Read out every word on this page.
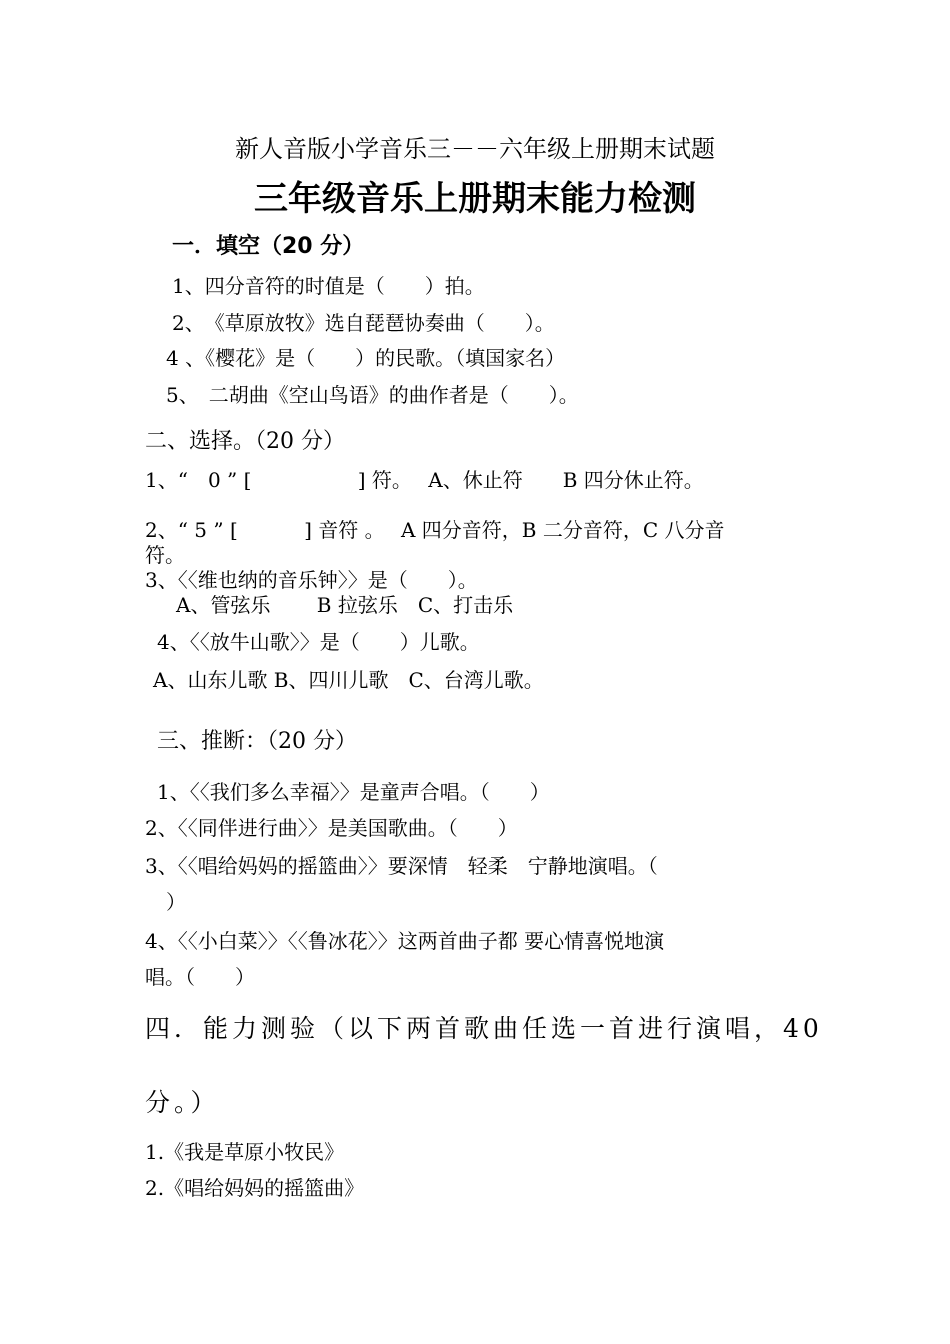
新人音版小学音乐三－－六年级上册期末试题
三年级音乐上册期末能力检测
一．填空（20 分）
1、四分音符的时值是（　　）拍。
2、　《草原放牧》选自琵琶协奏曲（　　）。
4 、《樱花》是（　　）的民歌。（填国家名）
5、　二胡曲《空山鸟语》的曲作者是（　　）。
二、选择。（20 分）
1、“　0 ” [　　　　　 ] 符。　 A、休止符　　B 四分休止符。
2、“ 5 ” [　　　 ] 音符 。　 A 四分音符，B 二分音符，C 八分音
符。
3、〈〈维也纳的音乐钟〉〉是（　　）。
A、管弦乐　　 B 拉弦乐　C、打击乐
4、〈〈放牛山歌〉〉是（　　）儿歌。
A、山东儿歌 B、四川儿歌　C、台湾儿歌。
三、推断：（20 分）
1、〈〈我们多么幸福〉〉是童声合唱。（　　）
2、〈〈同伴进行曲〉〉是美国歌曲。（　　）
3、〈〈唱给妈妈的摇篮曲〉〉要深情　轻柔　宁静地演唱。（
）
4、〈〈小白菜〉〉〈〈鲁冰花〉〉这两首曲子都 要心情喜悦地演
唱。（　　）
四．能力测验（以下两首歌曲任选一首进行演唱，40
分。）
1.《我是草原小牧民》
2.《唱给妈妈的摇篮曲》
